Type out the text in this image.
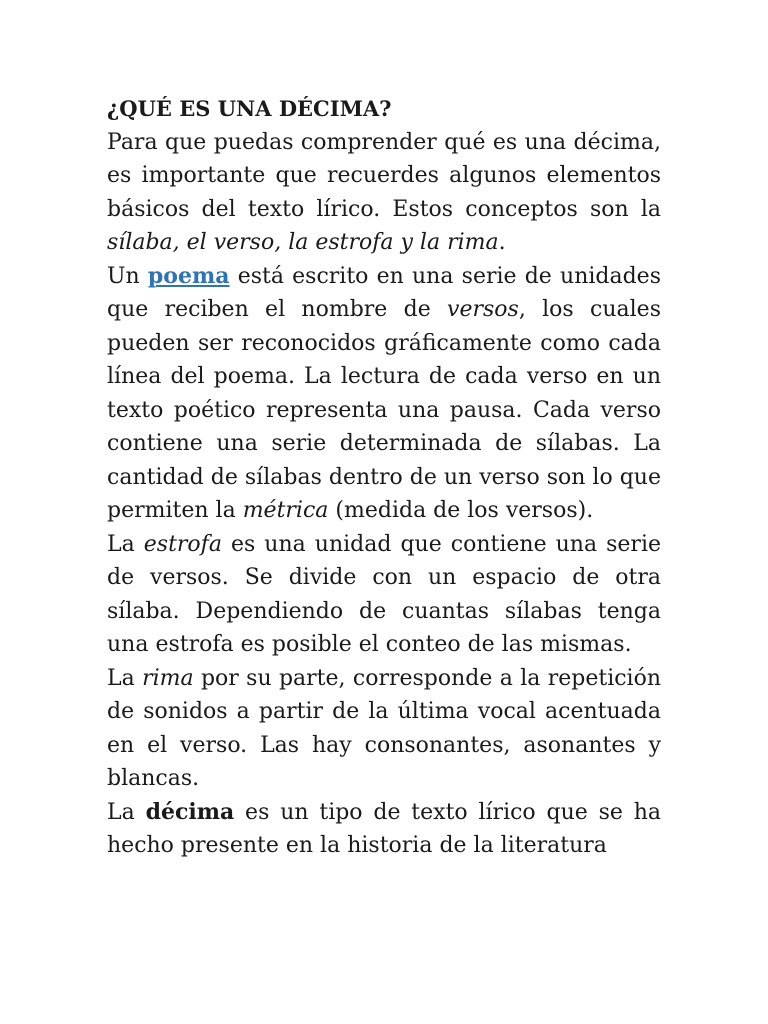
¿QUÉ ES UNA DÉCIMA?

Para que puedas comprender qué es una décima, es importante que recuerdes algunos elementos básicos del texto lírico. Estos conceptos son la sílaba, el verso, la estrofa y la rima.

Un poema está escrito en una serie de unidades que reciben el nombre de versos, los cuales pueden ser reconocidos gráficamente como cada línea del poema. La lectura de cada verso en un texto poético representa una pausa. Cada verso contiene una serie determinada de sílabas. La cantidad de sílabas dentro de un verso son lo que permiten la métrica (medida de los versos).

La estrofa es una unidad que contiene una serie de versos. Se divide con un espacio de otra sílaba. Dependiendo de cuantas sílabas tenga una estrofa es posible el conteo de las mismas.

La rima por su parte, corresponde a la repetición de sonidos a partir de la última vocal acentuada en el verso. Las hay consonantes, asonantes y blancas.

La décima es un tipo de texto lírico que se ha hecho presente en la historia de la literatura
